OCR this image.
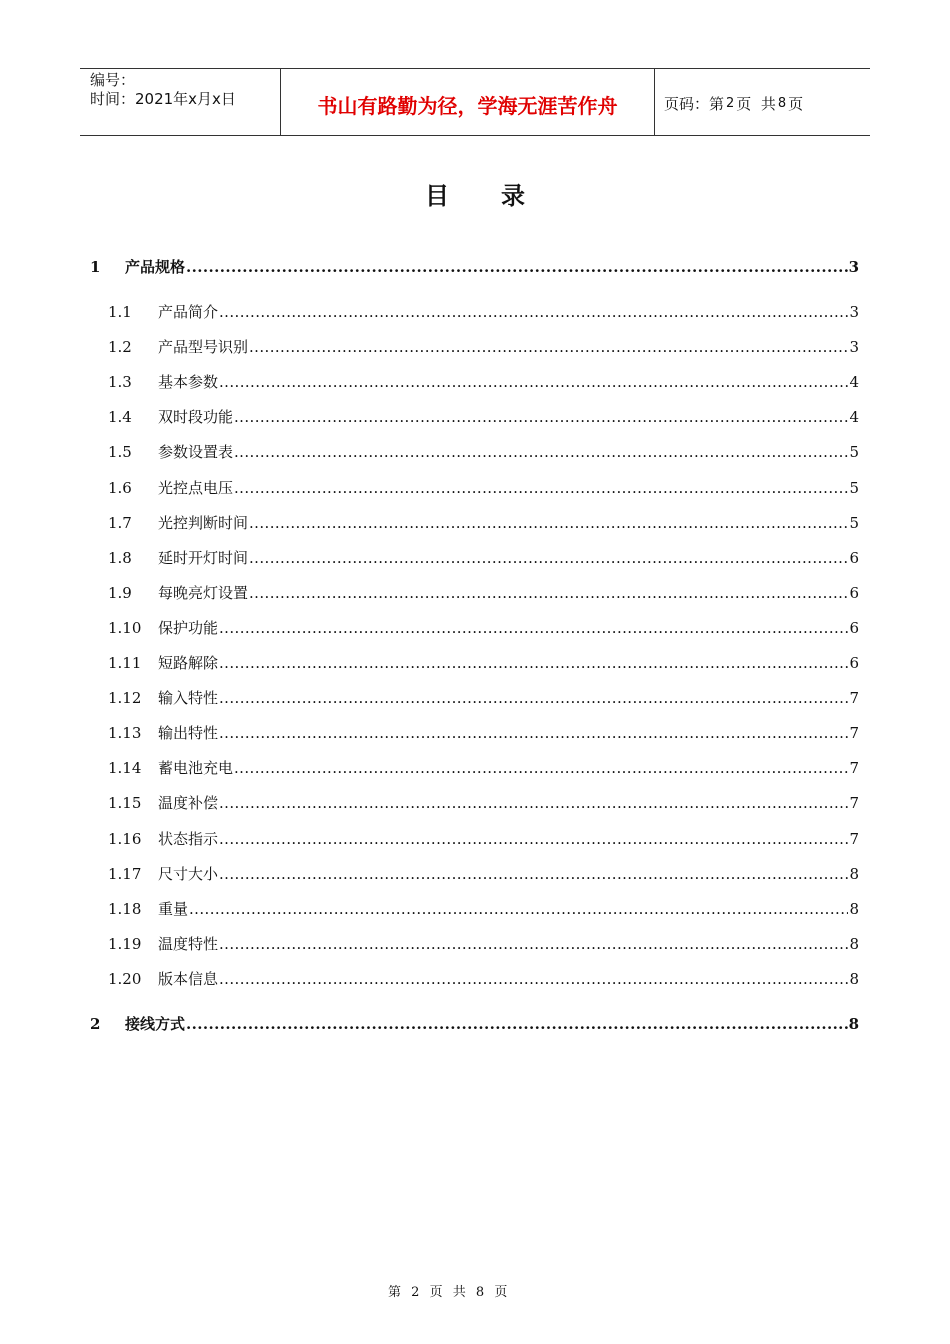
编号：
时间：2021年x月x日	书山有路勤为径，学海无涯苦作舟	页码：第 2 页  共 8 页
目录
1	产品规格 .....	3
1.1	产品简介 .....	3
1.2	产品型号识别 .....	3
1.3	基本参数 .....	4
1.4	双时段功能 .....	4
1.5	参数设置表 .....	5
1.6	光控点电压 .....	5
1.7	光控判断时间 .....	5
1.8	延时开灯时间 .....	6
1.9	每晚亮灯设置 .....	6
1.10	保护功能 .....	6
1.11	短路解除 .....	6
1.12	输入特性 .....	7
1.13	输出特性 .....	7
1.14	蓄电池充电 .....	7
1.15	温度补偿 .....	7
1.16	状态指示 .....	7
1.17	尺寸大小 .....	8
1.18	重量 .....	8
1.19	温度特性 .....	8
1.20	版本信息 .....	8
2	接线方式 .....	8
第 2 页 共 8 页
